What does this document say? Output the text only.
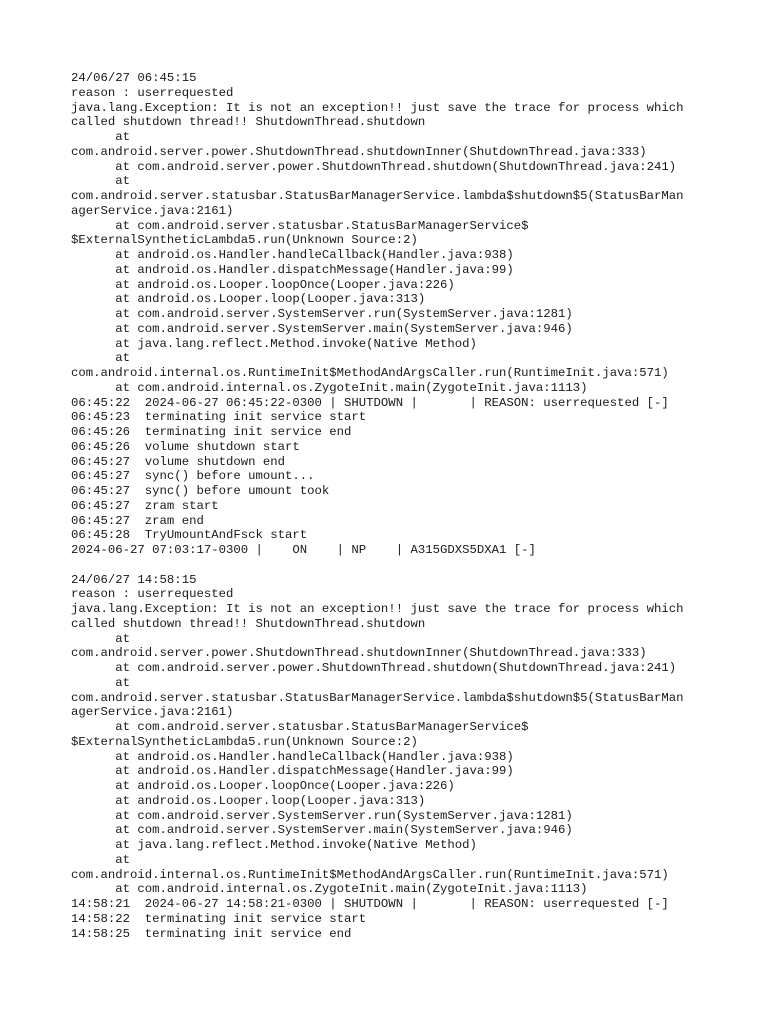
24/06/27 06:45:15
reason : userrequested
java.lang.Exception: It is not an exception!! just save the trace for process which
called shutdown thread!! ShutdownThread.shutdown
at
com.android.server.power.ShutdownThread.shutdownInner(ShutdownThread.java:333)
at com.android.server.power.ShutdownThread.shutdown(ShutdownThread.java:241)
at
com.android.server.statusbar.StatusBarManagerService.lambda$shutdown$5(StatusBarMan
agerService.java:2161)
at com.android.server.statusbar.StatusBarManagerService$
$ExternalSyntheticLambda5.run(Unknown Source:2)
at android.os.Handler.handleCallback(Handler.java:938)
at android.os.Handler.dispatchMessage(Handler.java:99)
at android.os.Looper.loopOnce(Looper.java:226)
at android.os.Looper.loop(Looper.java:313)
at com.android.server.SystemServer.run(SystemServer.java:1281)
at com.android.server.SystemServer.main(SystemServer.java:946)
at java.lang.reflect.Method.invoke(Native Method)
at
com.android.internal.os.RuntimeInit$MethodAndArgsCaller.run(RuntimeInit.java:571)
at com.android.internal.os.ZygoteInit.main(ZygoteInit.java:1113)
06:45:22  2024-06-27 06:45:22-0300 | SHUTDOWN |       | REASON: userrequested [-]
06:45:23  terminating init service start
06:45:26  terminating init service end
06:45:26  volume shutdown start
06:45:27  volume shutdown end
06:45:27  sync() before umount...
06:45:27  sync() before umount took
06:45:27  zram start
06:45:27  zram end
06:45:28  TryUmountAndFsck start
2024-06-27 07:03:17-0300 |    ON    | NP    | A315GDXS5DXA1 [-]
24/06/27 14:58:15
reason : userrequested
java.lang.Exception: It is not an exception!! just save the trace for process which
called shutdown thread!! ShutdownThread.shutdown
at
com.android.server.power.ShutdownThread.shutdownInner(ShutdownThread.java:333)
at com.android.server.power.ShutdownThread.shutdown(ShutdownThread.java:241)
at
com.android.server.statusbar.StatusBarManagerService.lambda$shutdown$5(StatusBarMan
agerService.java:2161)
at com.android.server.statusbar.StatusBarManagerService$
$ExternalSyntheticLambda5.run(Unknown Source:2)
at android.os.Handler.handleCallback(Handler.java:938)
at android.os.Handler.dispatchMessage(Handler.java:99)
at android.os.Looper.loopOnce(Looper.java:226)
at android.os.Looper.loop(Looper.java:313)
at com.android.server.SystemServer.run(SystemServer.java:1281)
at com.android.server.SystemServer.main(SystemServer.java:946)
at java.lang.reflect.Method.invoke(Native Method)
at
com.android.internal.os.RuntimeInit$MethodAndArgsCaller.run(RuntimeInit.java:571)
at com.android.internal.os.ZygoteInit.main(ZygoteInit.java:1113)
14:58:21  2024-06-27 14:58:21-0300 | SHUTDOWN |       | REASON: userrequested [-]
14:58:22  terminating init service start
14:58:25  terminating init service end
